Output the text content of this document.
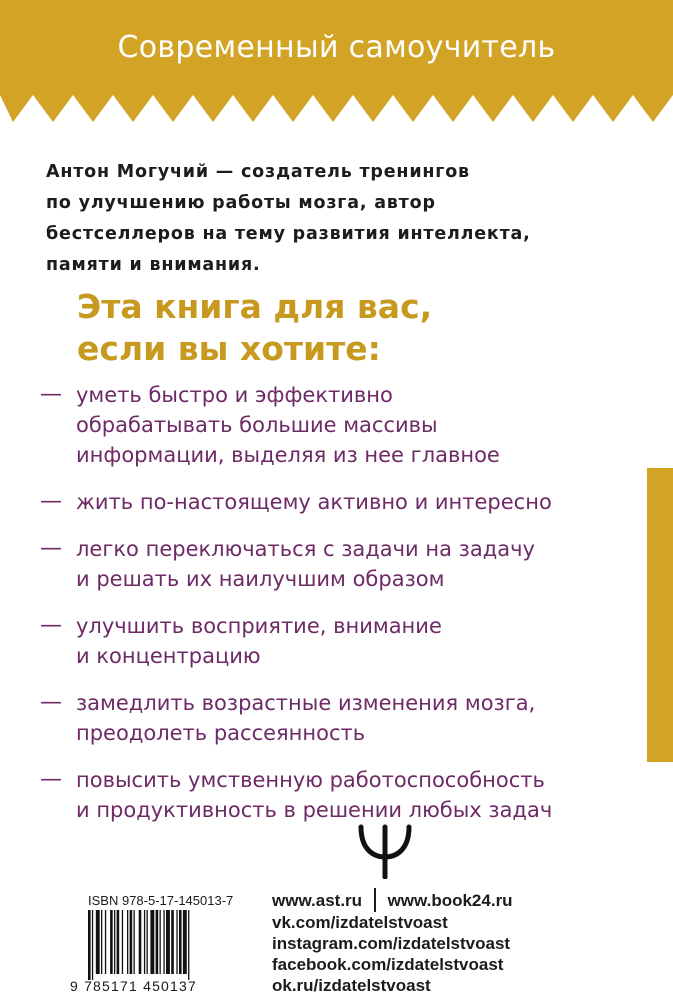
Современный самоучитель
Антон Могучий — создатель тренингов
по улучшению работы мозга, автор
бестселлеров на тему развития интеллекта,
памяти и внимания.
Эта книга для вас,
если вы хотите:
— уметь быстро и эффективно
обрабатывать большие массивы
информации, выделяя из нее главное
— жить по-настоящему активно и интересно
— легко переключаться с задачи на задачу
и решать их наилучшим образом
— улучшить восприятие, внимание
и концентрацию
— замедлить возрастные изменения мозга,
преодолеть рассеянность
— повысить умственную работоспособность
и продуктивность в решении любых задач
ISBN 978-5-17-145013-7
9 785171 450137
www.ast.ru www.book24.ru
vk.com/izdatelstvoast
instagram.com/izdatelstvoast
facebook.com/izdatelstvoast
ok.ru/izdatelstvoast
